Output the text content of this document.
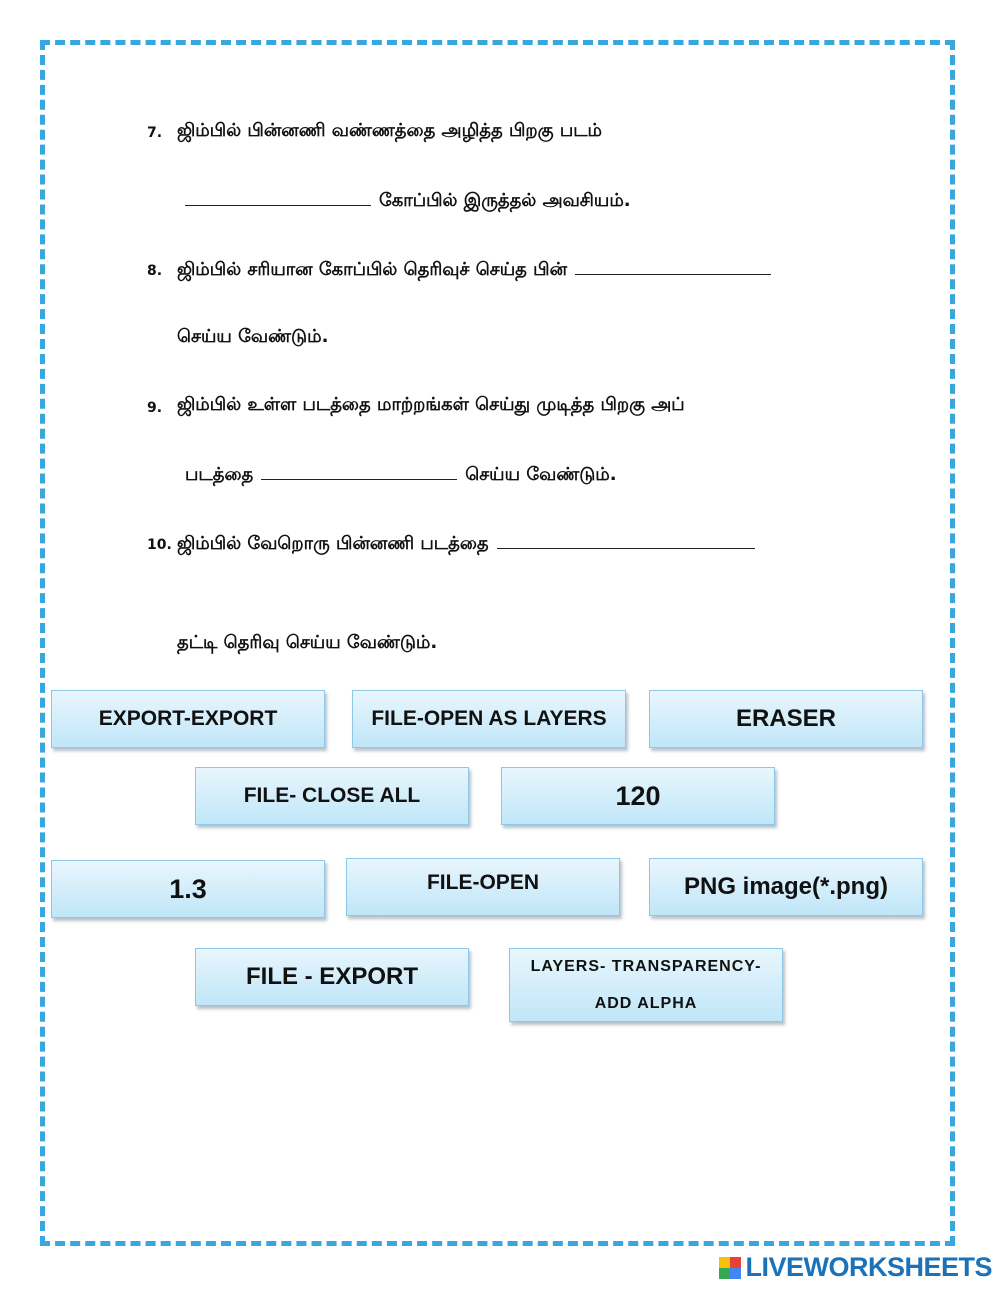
7. ஜிம்பில் பின்னணி வண்ணத்தை அழித்த பிறகு படம்
கோப்பில் இருத்தல் அவசியம்.
8. ஜிம்பில் சரியான கோப்பில் தெரிவுச் செய்த பின்
செய்ய வேண்டும்.
9. ஜிம்பில் உள்ள படத்தை மாற்றங்கள் செய்து முடித்த பிறகு அப்
படத்தை	செய்ய வேண்டும்.
10. ஜிம்பில் வேறொரு பின்னணி படத்தை
தட்டி தெரிவு செய்ய வேண்டும்.
EXPORT-EXPORT	FILE-OPEN AS LAYERS	ERASER
FILE- CLOSE ALL	120
1.3	FILE-OPEN	PNG image(*.png)
FILE - EXPORT	LAYERS- TRANSPARENCY-
ADD ALPHA
LIVEWORKSHEETS
